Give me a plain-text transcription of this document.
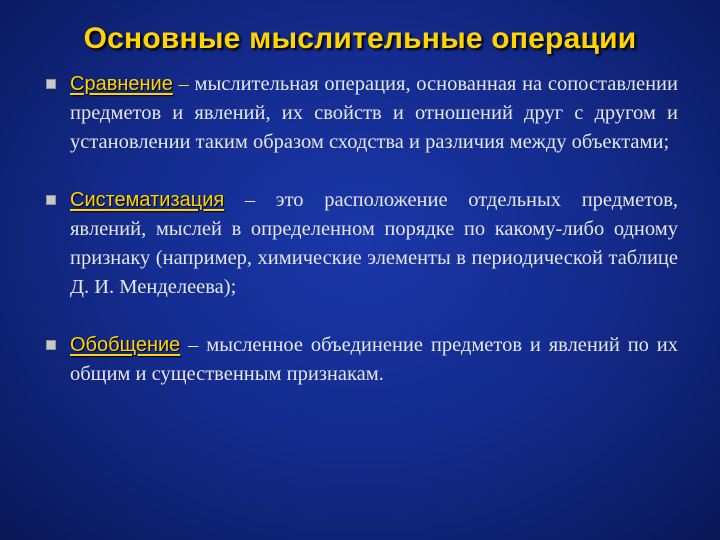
Основные мыслительные операции
Сравнение – мыслительная операция, основанная на сопоставлении предметов и явлений, их свойств и отношений друг с другом и установлении таким образом сходства и различия между объектами;
Систематизация – это расположение отдельных предметов, явлений, мыслей в определенном порядке по какому-либо одному признаку (например, химические элементы в периодической таблице Д. И. Менделеева);
Обобщение – мысленное объединение предметов и явлений по их общим и существенным признакам.
